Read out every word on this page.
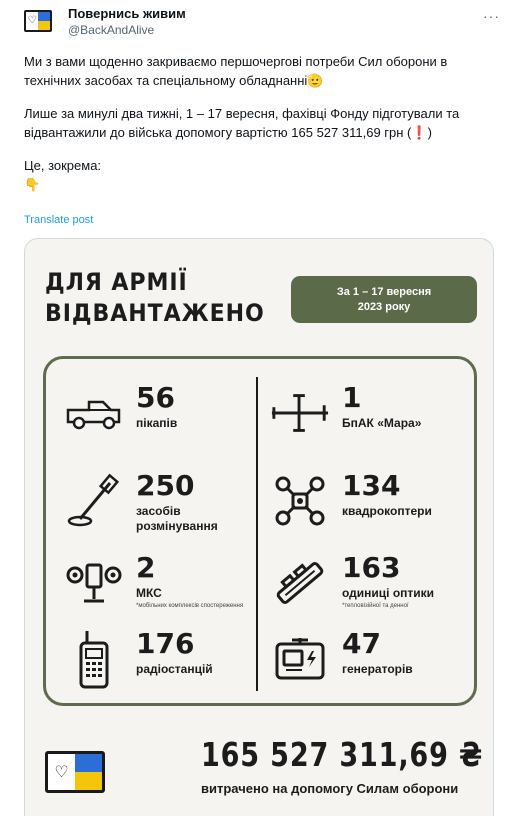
♡ Повернись живим
@BackAndAlive
···

Ми з вами щоденно закриваємо першочергові потреби Сил оборони в технічних засобах та спеціальному обладнанні🫡

Лише за минулі два тижні, 1 – 17 вересня, фахівці Фонду підготували та відвантажили до війська допомогу вартістю 165 527 311,69 грн (❗)

Це, зокрема:
👇

Translate post
ДЛЯ АРМІЇ
ВІДВАНТАЖЕНО
За 1 – 17 вересня
2023 року
56
пікапів
250
засобів
розмінування
2
МКС
*мобільних комплексів спостереження
176
радіостанцій
1
БпАК «Мара»
134
квадрокоптери
163
одиниці оптики
*тепловізійної та денної
47
генераторів
♡	165 527 311,69 ₴
витрачено на допомогу Силам оборони
